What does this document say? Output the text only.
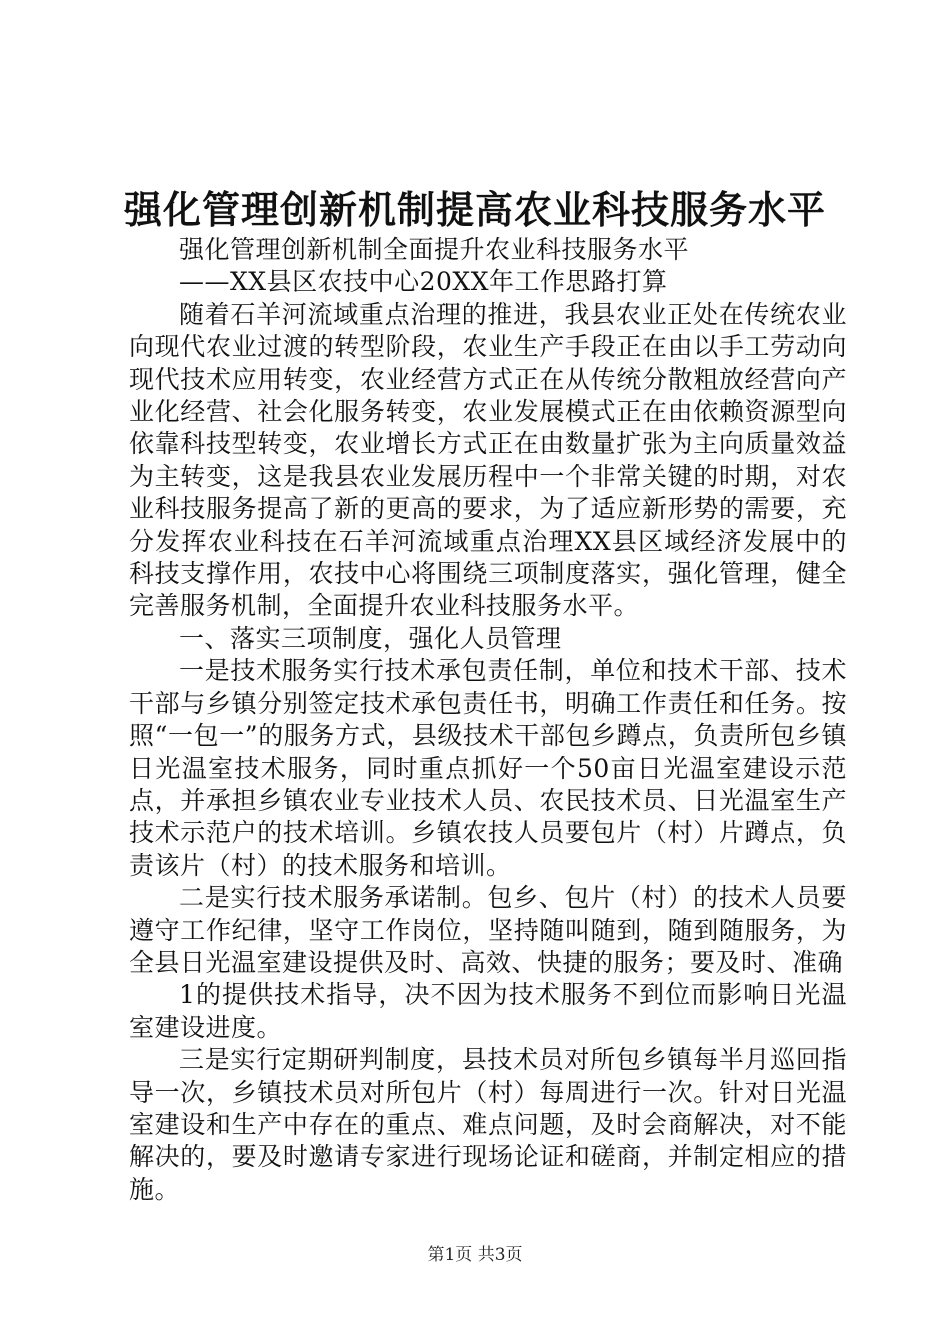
强化管理创新机制提高农业科技服务水平

强化管理创新机制全面提升农业科技服务水平

——XX县区农技中心20XX年工作思路打算

随着石羊河流域重点治理的推进，我县农业正处在传统农业向现代农业过渡的转型阶段，农业生产手段正在由以手工劳动向现代技术应用转变，农业经营方式正在从传统分散粗放经营向产业化经营、社会化服务转变，农业发展模式正在由依赖资源型向依靠科技型转变，农业增长方式正在由数量扩张为主向质量效益为主转变，这是我县农业发展历程中一个非常关键的时期，对农业科技服务提高了新的更高的要求，为了适应新形势的需要，充分发挥农业科技在石羊河流域重点治理XX县区域经济发展中的科技支撑作用，农技中心将围绕三项制度落实，强化管理，健全完善服务机制，全面提升农业科技服务水平。

一、落实三项制度，强化人员管理

一是技术服务实行技术承包责任制，单位和技术干部、技术干部与乡镇分别签定技术承包责任书，明确工作责任和任务。按照“一包一”的服务方式，县级技术干部包乡蹲点，负责所包乡镇日光温室技术服务，同时重点抓好一个50亩日光温室建设示范点，并承担乡镇农业专业技术人员、农民技术员、日光温室生产技术示范户的技术培训。乡镇农技人员要包片（村）片蹲点，负责该片（村）的技术服务和培训。

二是实行技术服务承诺制。包乡、包片（村）的技术人员要遵守工作纪律，坚守工作岗位，坚持随叫随到，随到随服务，为全县日光温室建设提供及时、高效、快捷的服务；要及时、准确

1的提供技术指导，决不因为技术服务不到位而影响日光温室建设进度。

三是实行定期研判制度，县技术员对所包乡镇每半月巡回指导一次，乡镇技术员对所包片（村）每周进行一次。针对日光温室建设和生产中存在的重点、难点问题，及时会商解决，对不能解决的，要及时邀请专家进行现场论证和磋商，并制定相应的措施。

第1页 共3页
